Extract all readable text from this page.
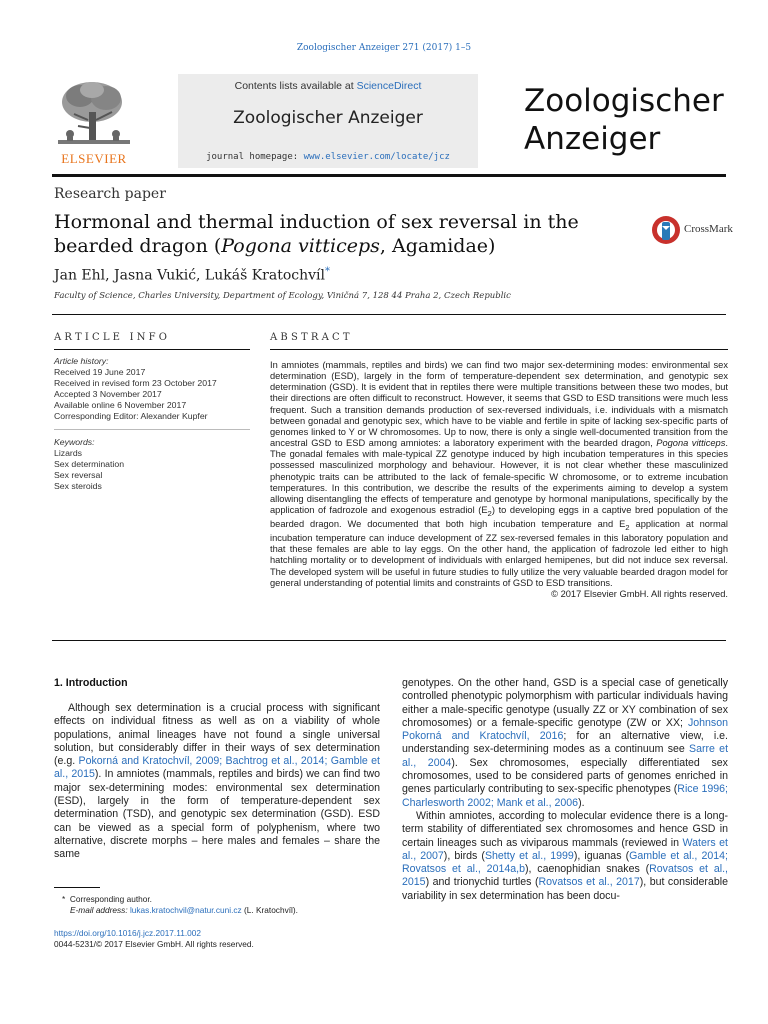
Zoologischer Anzeiger 271 (2017) 1–5
ELSEVIER
Contents lists available at ScienceDirect
Zoologischer Anzeiger
journal homepage: www.elsevier.com/locate/jcz
Zoologischer
Anzeiger
Research paper
Hormonal and thermal induction of sex reversal in the bearded dragon (Pogona vitticeps, Agamidae)
CrossMark
Jan Ehl, Jasna Vukić, Lukáš Kratochvíl*
Faculty of Science, Charles University, Department of Ecology, Viničná 7, 128 44 Praha 2, Czech Republic
ARTICLE INFO
Article history:
Received 19 June 2017
Received in revised form 23 October 2017
Accepted 3 November 2017
Available online 6 November 2017
Corresponding Editor: Alexander Kupfer
Keywords:
Lizards
Sex determination
Sex reversal
Sex steroids
ABSTRACT
In amniotes (mammals, reptiles and birds) we can find two major sex-determining modes: environmental sex determination (ESD), largely in the form of temperature-dependent sex determination, and genotypic sex determination (GSD). It is evident that in reptiles there were multiple transitions between these two modes, but their directions are often difficult to reconstruct. However, it seems that GSD to ESD transitions were much less frequent. Such a transition demands production of sex-reversed individuals, i.e. individuals with a mismatch between gonadal and genotypic sex, which have to be viable and fertile in spite of lacking sex-specific parts of genomes linked to Y or W chromosomes. Up to now, there is only a single well-documented transition from the ancestral GSD to ESD among amniotes: a laboratory experiment with the bearded dragon, Pogona vitticeps. The gonadal females with male-typical ZZ genotype induced by high incubation temperatures in this species possessed masculinized morphology and behaviour. However, it is not clear whether these masculinized phenotypic traits can be attributed to the lack of female-specific W chromosome, or to extreme incubation temperatures. In this contribution, we describe the results of the experiments aiming to develop a system allowing disentangling the effects of temperature and genotype by hormonal manipulations, specifically by the application of fadrozole and exogenous estradiol $(E_2)$ to developing eggs in a captive bred population of the bearded dragon. We documented that both high incubation temperature and $E_2$ application at normal incubation temperature can induce development of ZZ sex-reversed females in this laboratory population and that these females are able to lay eggs. On the other hand, the application of fadrozole led either to high hatchling mortality or to development of individuals with enlarged hemipenes, but did not induce sex reversal. The developed system will be useful in future studies to fully utilize the very valuable bearded dragon model for general understanding of potential limits and constraints of GSD to ESD transitions.
© 2017 Elsevier GmbH. All rights reserved.
1. Introduction

Although sex determination is a crucial process with significant effects on individual fitness as well as on a viability of whole populations, animal lineages have not found a single universal solution, but considerably differ in their ways of sex determination (e.g. Pokorná and Kratochvíl, 2009; Bachtrog et al., 2014; Gamble et al., 2015). In amniotes (mammals, reptiles and birds) we can find two major sex-determining modes: environmental sex determination (ESD), largely in the form of temperature-dependent sex determination (TSD), and genotypic sex determination (GSD). ESD can be viewed as a special form of polyphenism, where two alternative, discrete morphs – here males and females – share the same

genotypes. On the other hand, GSD is a special case of genetically controlled phenotypic polymorphism with particular individuals having either a male-specific genotype (usually ZZ or XY combination of sex chromosomes) or a female-specific genotype (ZW or XX; Johnson Pokorná and Kratochvíl, 2016; for an alternative view, i.e. understanding sex-determining modes as a continuum see Sarre et al., 2004). Sex chromosomes, especially differentiated sex chromosomes, used to be considered parts of genomes enriched in genes particularly contributing to sex-specific phenotypes (Rice 1996; Charlesworth 2002; Mank et al., 2006).

Within amniotes, according to molecular evidence there is a long-term stability of differentiated sex chromosomes and hence GSD in certain lineages such as viviparous mammals (reviewed in Waters et al., 2007), birds (Shetty et al., 1999), iguanas (Gamble et al., 2014; Rovatsos et al., 2014a,b), caenophidian snakes (Rovatsos et al., 2015) and trionychid turtles (Rovatsos et al., 2017), but considerable variability in sex determination has been docu-

* Corresponding author.
E-mail address: lukas.kratochvil@natur.cuni.cz (L. Kratochvíl).
https://doi.org/10.1016/j.jcz.2017.11.002
0044-5231/© 2017 Elsevier GmbH. All rights reserved.
